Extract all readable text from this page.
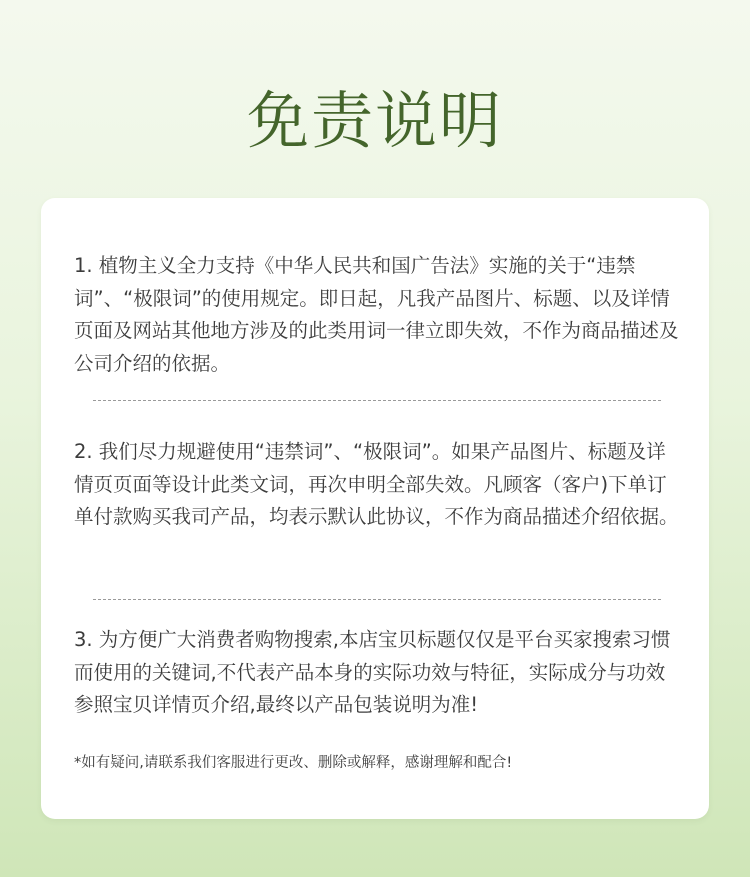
免责说明

1. 植物主义全力支持《中华人民共和国广告法》实施的关于“违禁词”、“极限词”的使用规定。即日起，凡我产品图片、标题、以及详情页面及网站其他地方涉及的此类用词一律立即失效，不作为商品描述及公司介绍的依据。

2. 我们尽力规避使用“违禁词”、“极限词”。如果产品图片、标题及详情页页面等设计此类文词，再次申明全部失效。凡顾客（客户)下单订单付款购买我司产品，均表示默认此协议，不作为商品描述介绍依据。

3. 为方便广大消费者购物搜索,本店宝贝标题仅仅是平台买家搜索习惯而使用的关键词,不代表产品本身的实际功效与特征，实际成分与功效参照宝贝详情页介绍,最终以产品包装说明为准!

*如有疑问,请联系我们客服进行更改、删除或解释，感谢理解和配合!
